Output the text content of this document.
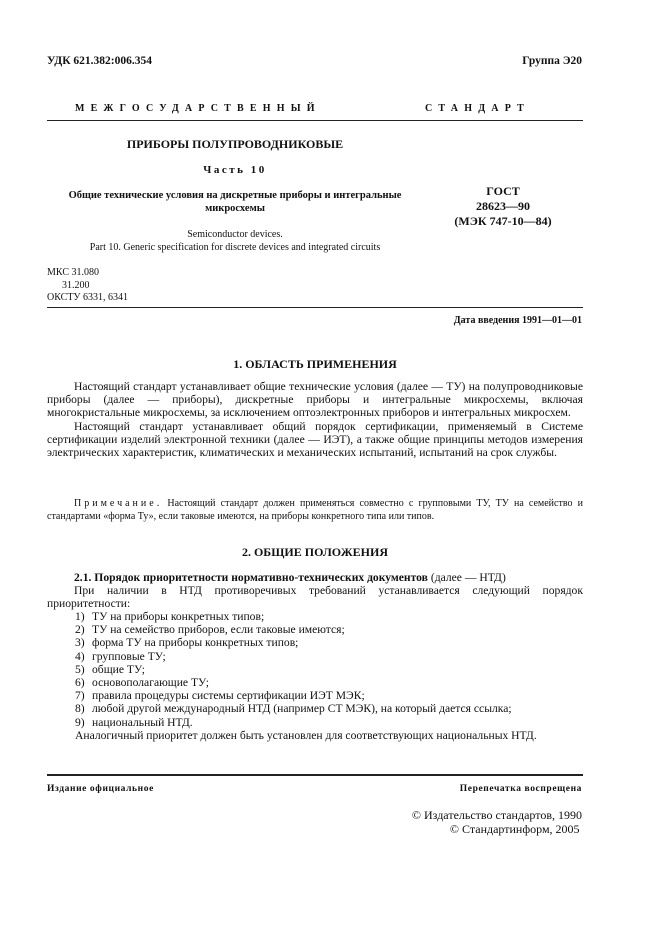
УДК 621.382:006.354	Группа Э20
МЕЖГОСУДАРСТВЕННЫЙ	СТАНДАРТ
ПРИБОРЫ ПОЛУПРОВОДНИКОВЫЕ
Часть 10
Общие технические условия на дискретные приборы и интегральные
микросхемы
Semiconductor devices.
Part 10. Generic specification for discrete devices and integrated circuits
ГОСТ
28623—90
(МЭК 747-10—84)
МКС 31.080
31.200
ОКСТУ 6331, 6341
Дата введения 1991—01—01
1. ОБЛАСТЬ ПРИМЕНЕНИЯ

Настоящий стандарт устанавливает общие технические условия (далее — ТУ) на полупроводниковые приборы (далее — приборы), дискретные приборы и интегральные микросхемы, включая многокристальные микросхемы, за исключением оптоэлектронных приборов и интегральных микросхем.

Настоящий стандарт устанавливает общий порядок сертификации, применяемый в Системе сертификации изделий электронной техники (далее — ИЭТ), а также общие принципы методов измерения электрических характеристик, климатических и механических испытаний, испытаний на срок службы.

Примечание. Настоящий стандарт должен применяться совместно с групповыми ТУ, ТУ на семейство и стандартами «форма Ту», если таковые имеются, на приборы конкретного типа или типов.

2. ОБЩИЕ ПОЛОЖЕНИЯ

2.1. Порядок приоритетности нормативно-технических документов (далее — НТД)

При наличии в НТД противоречивых требований устанавливается следующий порядок приоритетности:

1) ТУ на приборы конкретных типов;
2) ТУ на семейство приборов, если таковые имеются;
3) форма ТУ на приборы конкретных типов;
4) групповые ТУ;
5) общие ТУ;
6) основополагающие ТУ;
7) правила процедуры системы сертификации ИЭТ МЭК;
8) любой другой международный НТД (например СТ МЭК), на который дается ссылка;
9) национальный НТД.
Аналогичный приоритет должен быть установлен для соответствующих национальных НТД.
Издание официальное	Перепечатка воспрещена
© Издательство стандартов, 1990
© Стандартинформ, 2005
